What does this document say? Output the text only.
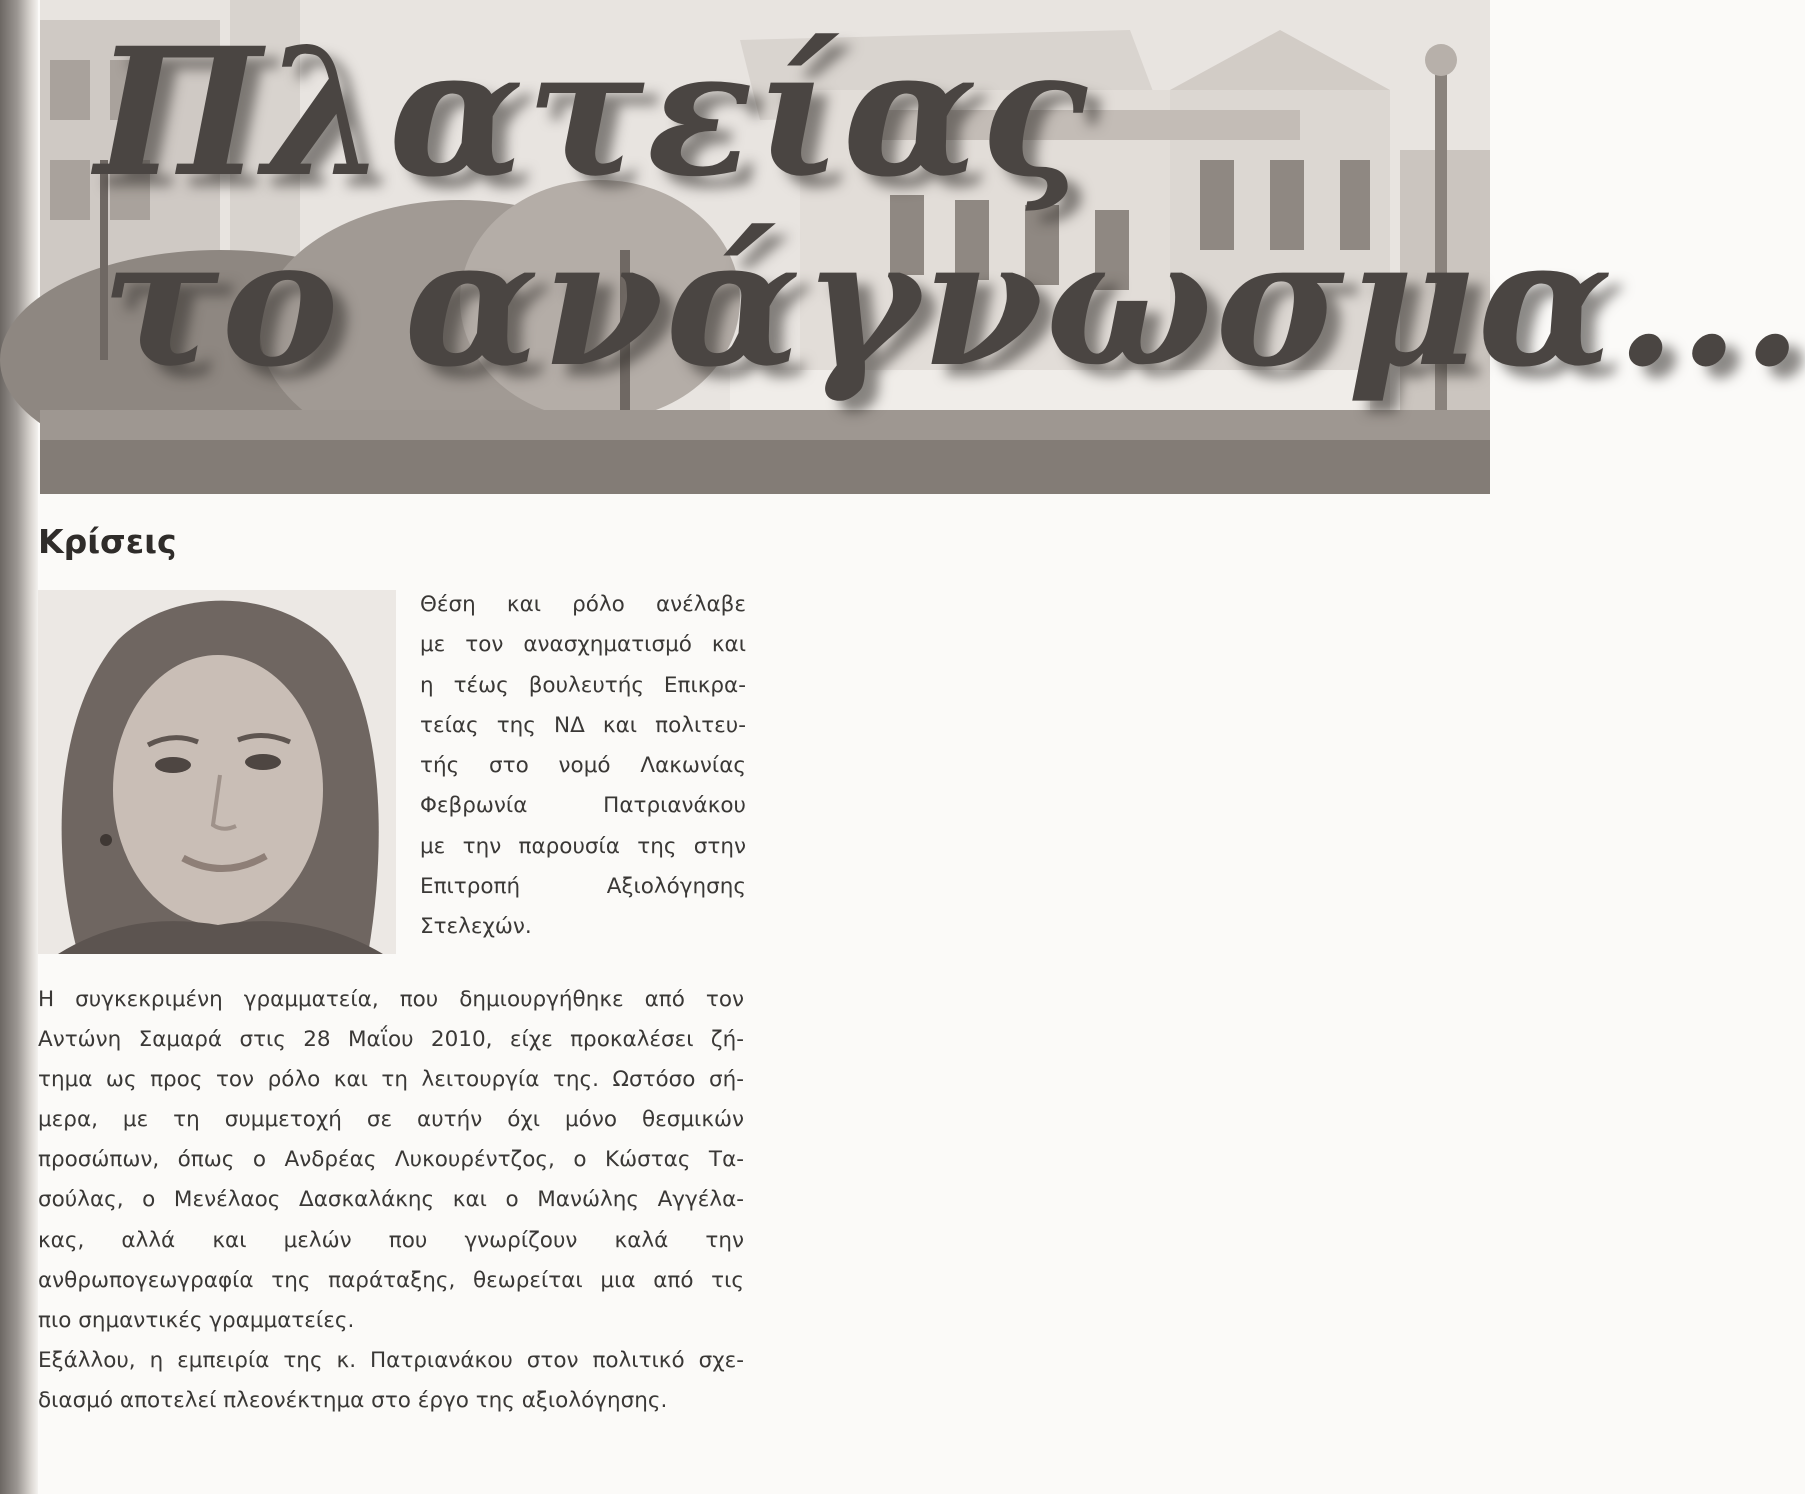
Πλατείας
το ανάγνωσμα...
Κρίσεις

Θέση και ρόλο ανέλαβε
με τον ανασχηματισμό και
η τέως βουλευτής Επικρα-
τείας της ΝΔ και πολιτευ-
τής στο νομό Λακωνίας
Φεβρωνία Πατριανάκου
με την παρουσία της στην
Επιτροπή Αξιολόγησης
Στελεχών.

Η συγκεκριμένη γραμματεία, που δημιουργήθηκε από τον
Αντώνη Σαμαρά στις 28 Μαΐου 2010, είχε προκαλέσει ζή-
τημα ως προς τον ρόλο και τη λειτουργία της. Ωστόσο σή-
μερα, με τη συμμετοχή σε αυτήν όχι μόνο θεσμικών
προσώπων, όπως ο Ανδρέας Λυκουρέντζος, ο Κώστας Τα-
σούλας, ο Μενέλαος Δασκαλάκης και ο Μανώλης Αγγέλα-
κας, αλλά και μελών που γνωρίζουν καλά την
ανθρωπογεωγραφία της παράταξης, θεωρείται μια από τις
πιο σημαντικές γραμματείες.
Εξάλλου, η εμπειρία της κ. Πατριανάκου στον πολιτικό σχε-
διασμό αποτελεί πλεονέκτημα στο έργο της αξιολόγησης.
